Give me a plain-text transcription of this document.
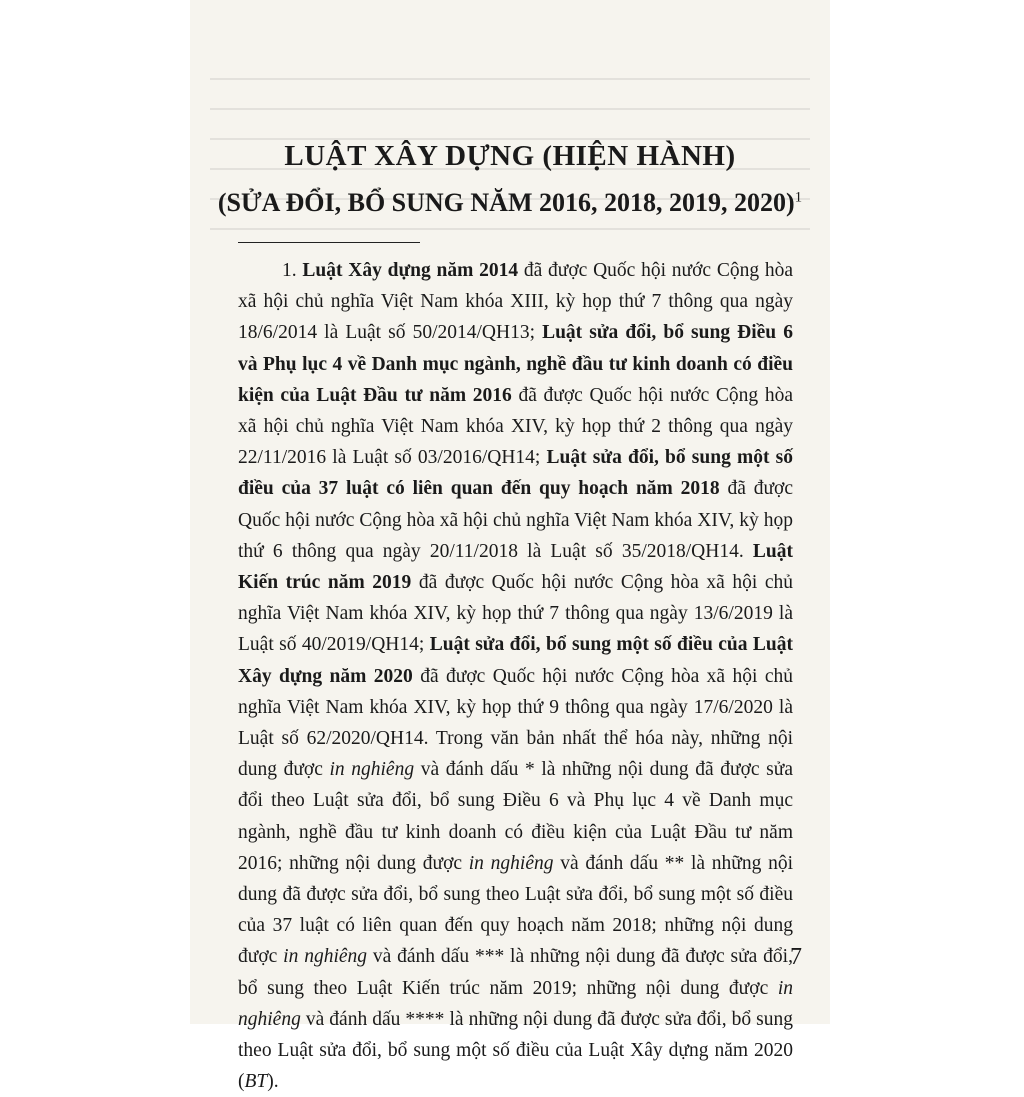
LUẬT XÂY DỰNG (HIỆN HÀNH)
(SỬA ĐỔI, BỔ SUNG NĂM 2016, 2018, 2019, 2020)$^1$
1. Luật Xây dựng năm 2014 đã được Quốc hội nước Cộng hòa xã hội chủ nghĩa Việt Nam khóa XIII, kỳ họp thứ 7 thông qua ngày 18/6/2014 là Luật số 50/2014/QH13; Luật sửa đổi, bổ sung Điều 6 và Phụ lục 4 về Danh mục ngành, nghề đầu tư kinh doanh có điều kiện của Luật Đầu tư năm 2016 đã được Quốc hội nước Cộng hòa xã hội chủ nghĩa Việt Nam khóa XIV, kỳ họp thứ 2 thông qua ngày 22/11/2016 là Luật số 03/2016/QH14; Luật sửa đổi, bổ sung một số điều của 37 luật có liên quan đến quy hoạch năm 2018 đã được Quốc hội nước Cộng hòa xã hội chủ nghĩa Việt Nam khóa XIV, kỳ họp thứ 6 thông qua ngày 20/11/2018 là Luật số 35/2018/QH14. Luật Kiến trúc năm 2019 đã được Quốc hội nước Cộng hòa xã hội chủ nghĩa Việt Nam khóa XIV, kỳ họp thứ 7 thông qua ngày 13/6/2019 là Luật số 40/2019/QH14; Luật sửa đổi, bổ sung một số điều của Luật Xây dựng năm 2020 đã được Quốc hội nước Cộng hòa xã hội chủ nghĩa Việt Nam khóa XIV, kỳ họp thứ 9 thông qua ngày 17/6/2020 là Luật số 62/2020/QH14. Trong văn bản nhất thể hóa này, những nội dung được in nghiêng và đánh dấu * là những nội dung đã được sửa đổi theo Luật sửa đổi, bổ sung Điều 6 và Phụ lục 4 về Danh mục ngành, nghề đầu tư kinh doanh có điều kiện của Luật Đầu tư năm 2016; những nội dung được in nghiêng và đánh dấu ** là những nội dung đã được sửa đổi, bổ sung theo Luật sửa đổi, bổ sung một số điều của 37 luật có liên quan đến quy hoạch năm 2018; những nội dung được in nghiêng và đánh dấu *** là những nội dung đã được sửa đổi, bổ sung theo Luật Kiến trúc năm 2019; những nội dung được in nghiêng và đánh dấu **** là những nội dung đã được sửa đổi, bổ sung theo Luật sửa đổi, bổ sung một số điều của Luật Xây dựng năm 2020 (BT).
7
